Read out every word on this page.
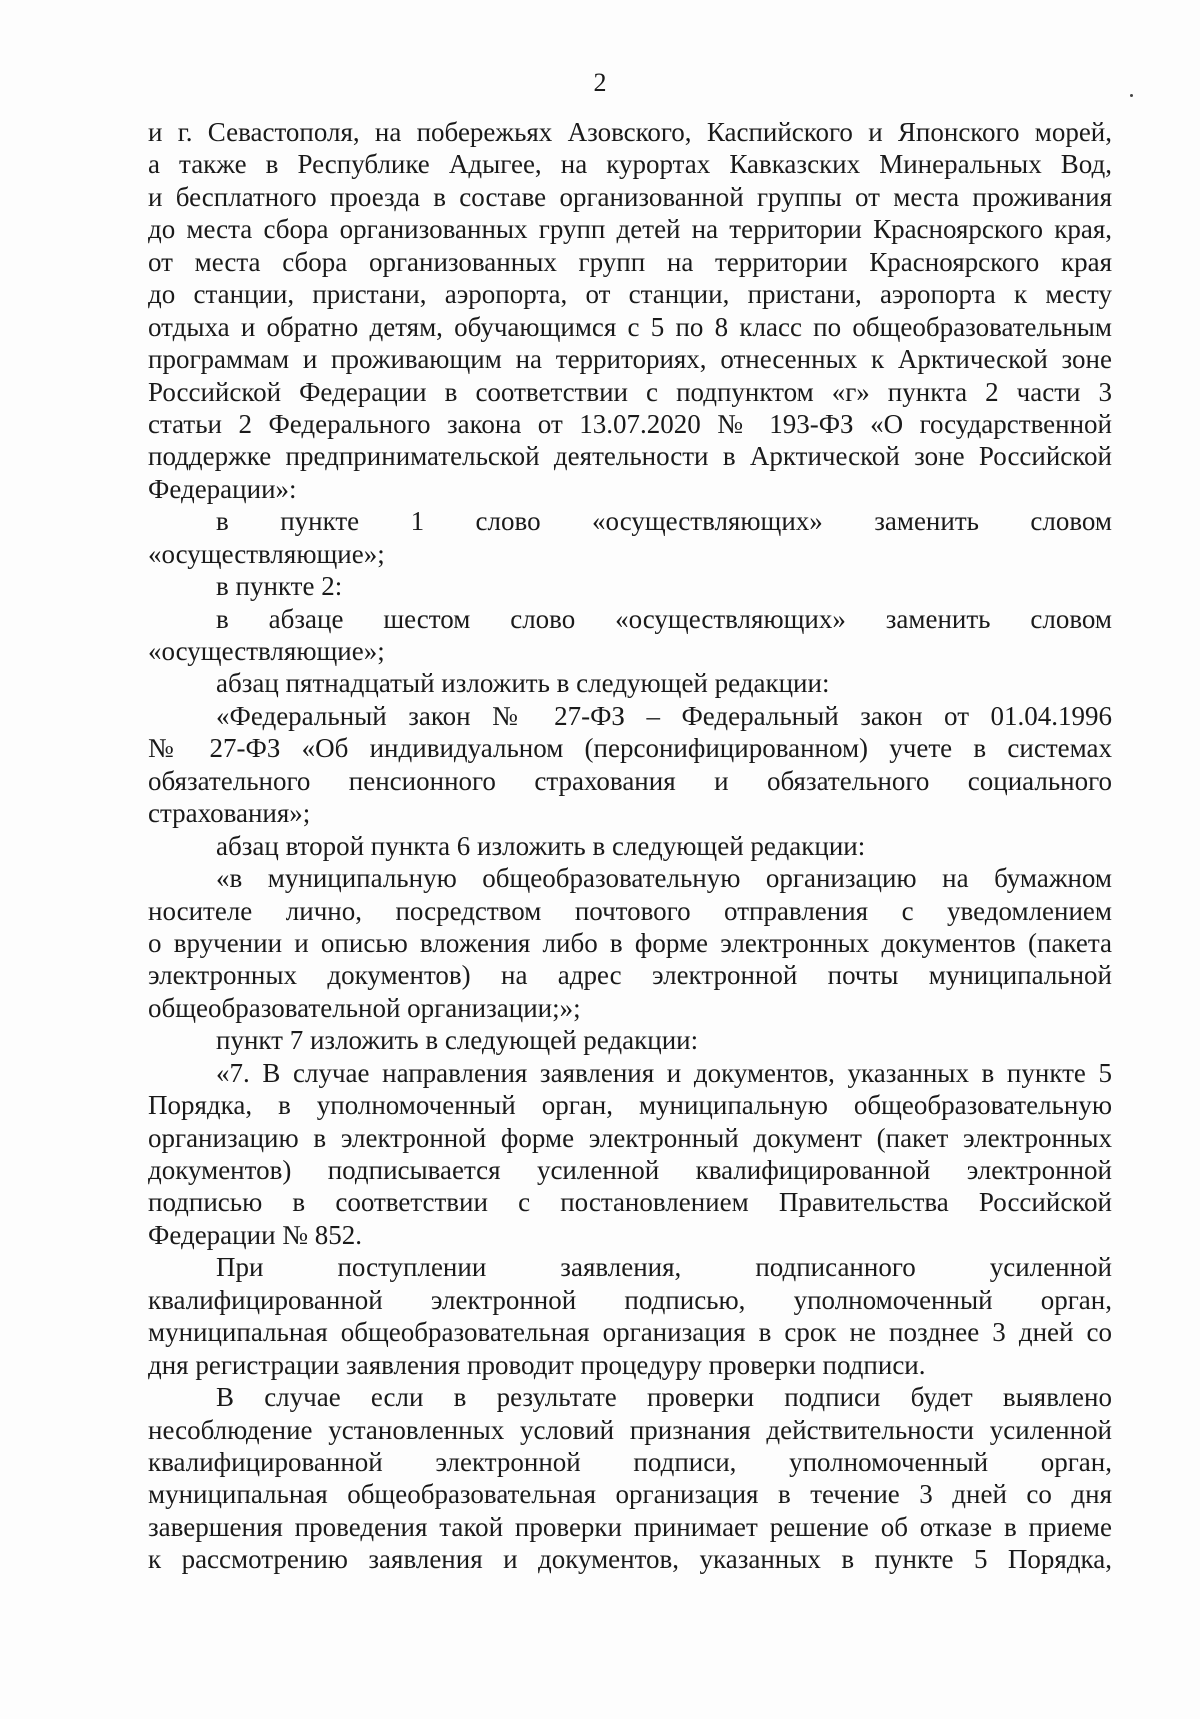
2
и г. Севастополя, на побережьях Азовского, Каспийского и Японского морей,
а также в Республике Адыгее, на курортах Кавказских Минеральных Вод,
и бесплатного проезда в составе организованной группы от места проживания
до места сбора организованных групп детей на территории Красноярского края,
от места сбора организованных групп на территории Красноярского края
до станции, пристани, аэропорта, от станции, пристани, аэропорта к месту
отдыха и обратно детям, обучающимся с 5 по 8 класс по общеобразовательным
программам и проживающим на территориях, отнесенных к Арктической зоне
Российской Федерации в соответствии с подпунктом «г» пункта 2 части 3
статьи 2 Федерального закона от 13.07.2020 № 193-ФЗ «О государственной
поддержке предпринимательской деятельности в Арктической зоне Российской
Федерации»:
в пункте 1 слово «осуществляющих» заменить словом
«осуществляющие»;
в пункте 2:
в абзаце шестом слово «осуществляющих» заменить словом
«осуществляющие»;
абзац пятнадцатый изложить в следующей редакции:
«Федеральный закон № 27-ФЗ – Федеральный закон от 01.04.1996
№ 27-ФЗ «Об индивидуальном (персонифицированном) учете в системах
обязательного пенсионного страхования и обязательного социального
страхования»;
абзац второй пункта 6 изложить в следующей редакции:
«в муниципальную общеобразовательную организацию на бумажном
носителе лично, посредством почтового отправления с уведомлением
о вручении и описью вложения либо в форме электронных документов (пакета
электронных документов) на адрес электронной почты муниципальной
общеобразовательной организации;»;
пункт 7 изложить в следующей редакции:
«7. В случае направления заявления и документов, указанных в пункте 5
Порядка, в уполномоченный орган, муниципальную общеобразовательную
организацию в электронной форме электронный документ (пакет электронных
документов) подписывается усиленной квалифицированной электронной
подписью в соответствии с постановлением Правительства Российской
Федерации № 852.
При поступлении заявления, подписанного усиленной
квалифицированной электронной подписью, уполномоченный орган,
муниципальная общеобразовательная организация в срок не позднее 3 дней со
дня регистрации заявления проводит процедуру проверки подписи.
В случае если в результате проверки подписи будет выявлено
несоблюдение установленных условий признания действительности усиленной
квалифицированной электронной подписи, уполномоченный орган,
муниципальная общеобразовательная организация в течение 3 дней со дня
завершения проведения такой проверки принимает решение об отказе в приеме
к рассмотрению заявления и документов, указанных в пункте 5 Порядка,
